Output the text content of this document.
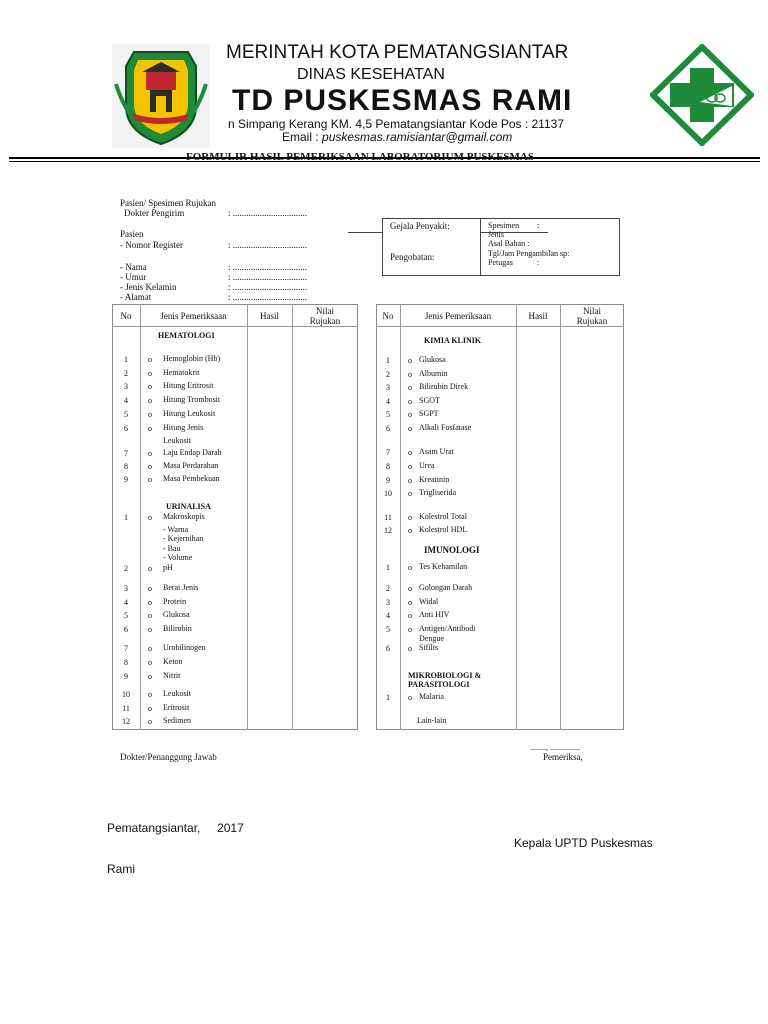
MERINTAH KOTA PEMATANGSIANTAR
DINAS KESEHATAN
TD PUSKESMAS RAMI
n Simpang Kerang KM. 4,5 Pematangsiantar Kode Pos : 21137
Email : puskesmas.ramisiantar@gmail.com
FORMULIR HASIL PEMERIKSAAN LABORATORIUM PUSKESMAS
Pasien/ Spesimen Rujukan
Dokter Pengirim	: .................................
Pasien
- Nomor Register	: .................................
- Nama	: .................................
- Umur	: .................................
- Jenis Kelamin	: .................................
- Alamat	: .................................
Gejala Penyakit:
Pengobatan:
Spesimen :
Jenis
Asal Bahan :
Tgl/Jam Pengambilan sp:
Petugas	:
No	Jenis Pemeriksaan	Hasil	Nilai
Rujukan
HEMATOLOGI
URINALISA
1	o Hemoglobin (Hb)
2	o Hematokrit
3	o Hitung Eritrosit
4	o Hitung Trombosit
5	o Hitung Leukosit
6	o Hitung Jenis
Leukosit
7	o Laju Endap Darah
8	o Masa Perdarahan
9	o Masa Pembekuan
1	o Makroskopis
- Warna
- Kejernihan
- Bau
- Volume
2	o pH
3	o Berat Jenis
4	o Protein
5	o Glukosa
6	o Bilirubin
7	o Urobilinogen
8	o Keton
9	o Nitrit
10	o Leukosit
11	o Eritrosit
12	o Sedimen
No	Jenis Pemeriksaan	Hasil	Nilai
Rujukan
KIMIA KLINIK
IMUNOLOGI
MIKROBIOLOGI &
PARASITOLOGI
1	o Glukosa
2	o Albumin
3	o Bilirubin Direk
4	o SGOT
5	o SGPT
6	o Alkali Fosfatase
7	o Asam Urat
8	o Urea
9	o Kreatinin
10	o Trigliserida
11	o Kolestrol Total
12	o Kolestrol HDL
1	o Tes Kehamilan
2	o Golongan Darah
3	o Widal
4	o Anti HIV
5	o Antigen/Antibodi
Dengue
6	o Sifilis
1	o Malaria
Lain-lain
Dokter/Penanggung Jawab
........, ...............
Pemeriksa,
Pematangsiantar,     2017
Kepala UPTD Puskesmas
Rami
